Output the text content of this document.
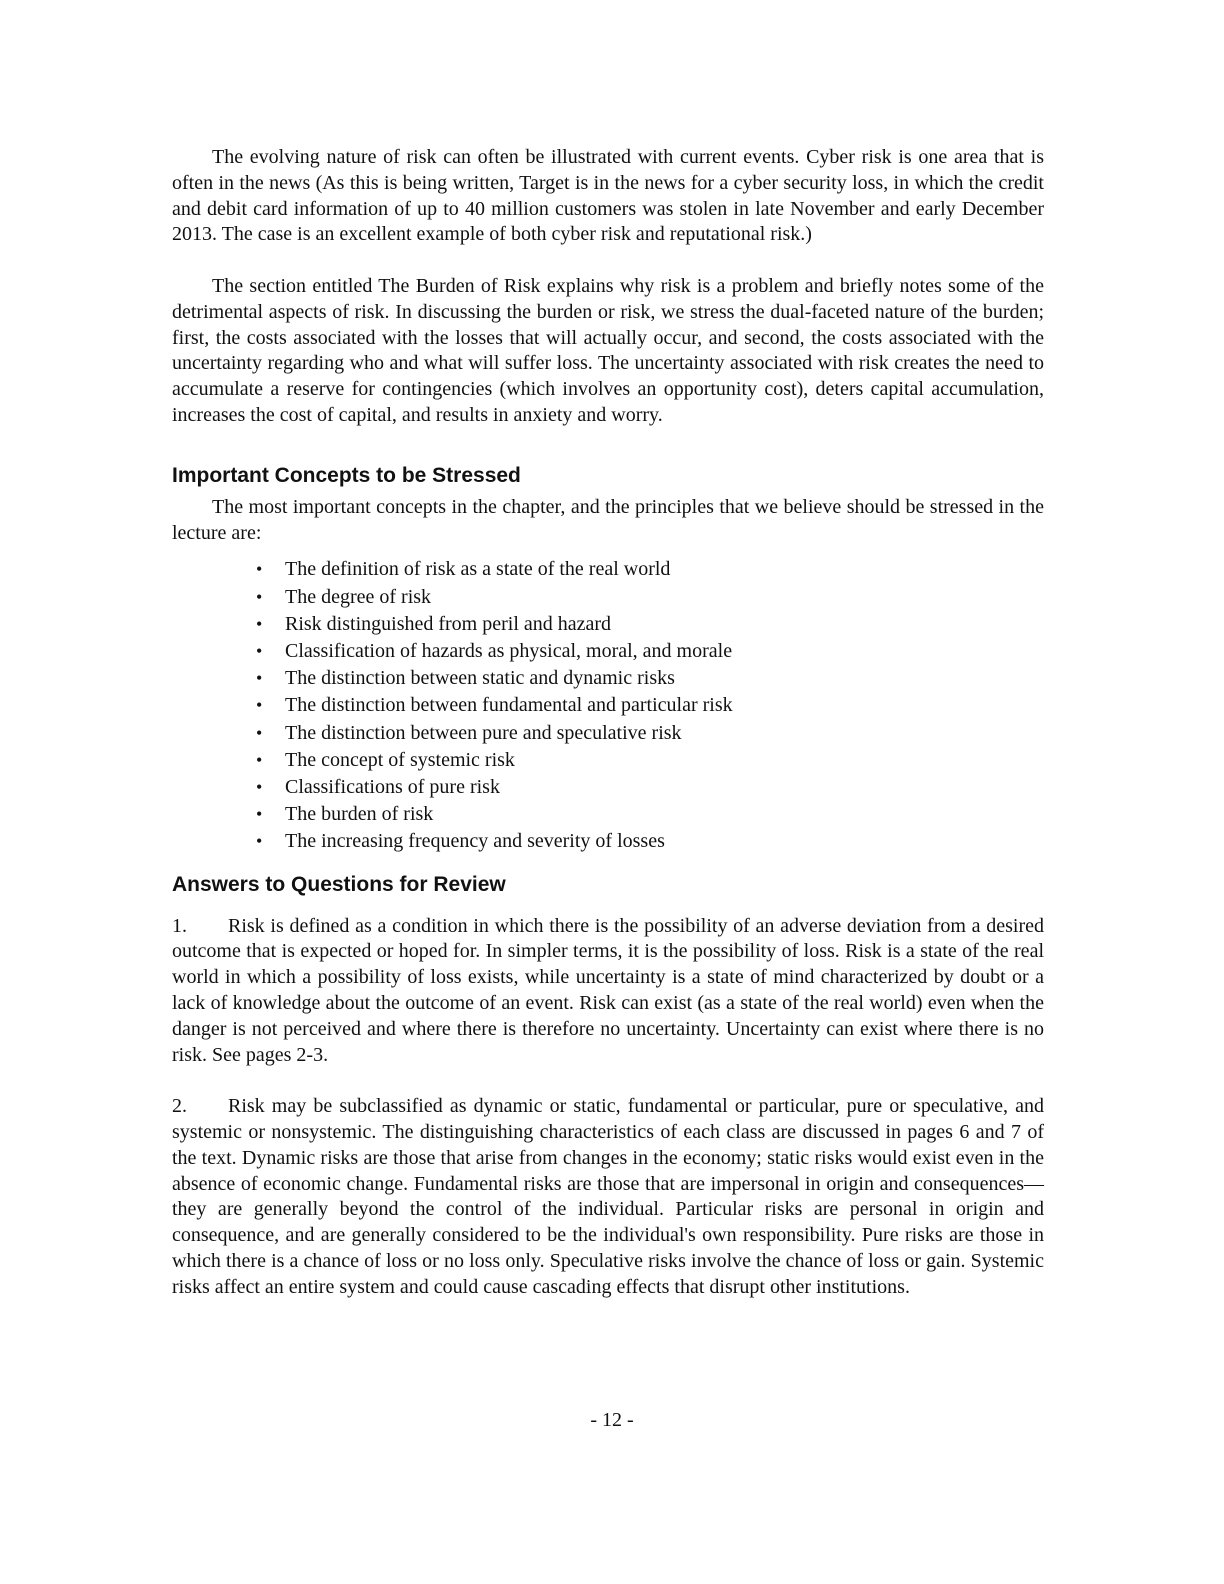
The evolving nature of risk can often be illustrated with current events. Cyber risk is one area that is often in the news (As this is being written, Target is in the news for a cyber security loss, in which the credit and debit card information of up to 40 million customers was stolen in late November and early December 2013. The case is an excellent example of both cyber risk and reputational risk.)

The section entitled The Burden of Risk explains why risk is a problem and briefly notes some of the detrimental aspects of risk. In discussing the burden or risk, we stress the dual-faceted nature of the burden; first, the costs associated with the losses that will actually occur, and second, the costs associated with the uncertainty regarding who and what will suffer loss. The uncertainty associated with risk creates the need to accumulate a reserve for contingencies (which involves an opportunity cost), deters capital accumulation, increases the cost of capital, and results in anxiety and worry.

Important Concepts to be Stressed

The most important concepts in the chapter, and the principles that we believe should be stressed in the lecture are:

• The definition of risk as a state of the real world
• The degree of risk
• Risk distinguished from peril and hazard
• Classification of hazards as physical, moral, and morale
• The distinction between static and dynamic risks
• The distinction between fundamental and particular risk
• The distinction between pure and speculative risk
• The concept of systemic risk
• Classifications of pure risk
• The burden of risk
• The increasing frequency and severity of losses
Answers to Questions for Review

1. Risk is defined as a condition in which there is the possibility of an adverse deviation from a desired outcome that is expected or hoped for. In simpler terms, it is the possibility of loss. Risk is a state of the real world in which a possibility of loss exists, while uncertainty is a state of mind characterized by doubt or a lack of knowledge about the outcome of an event. Risk can exist (as a state of the real world) even when the danger is not perceived and where there is therefore no uncertainty. Uncertainty can exist where there is no risk. See pages 2-3.

2. Risk may be subclassified as dynamic or static, fundamental or particular, pure or speculative, and systemic or nonsystemic. The distinguishing characteristics of each class are discussed in pages 6 and 7 of the text. Dynamic risks are those that arise from changes in the economy; static risks would exist even in the absence of economic change. Fundamental risks are those that are impersonal in origin and consequences—they are generally beyond the control of the individual. Particular risks are personal in origin and consequence, and are generally considered to be the individual's own responsibility. Pure risks are those in which there is a chance of loss or no loss only. Speculative risks involve the chance of loss or gain. Systemic risks affect an entire system and could cause cascading effects that disrupt other institutions.

- 12 -
